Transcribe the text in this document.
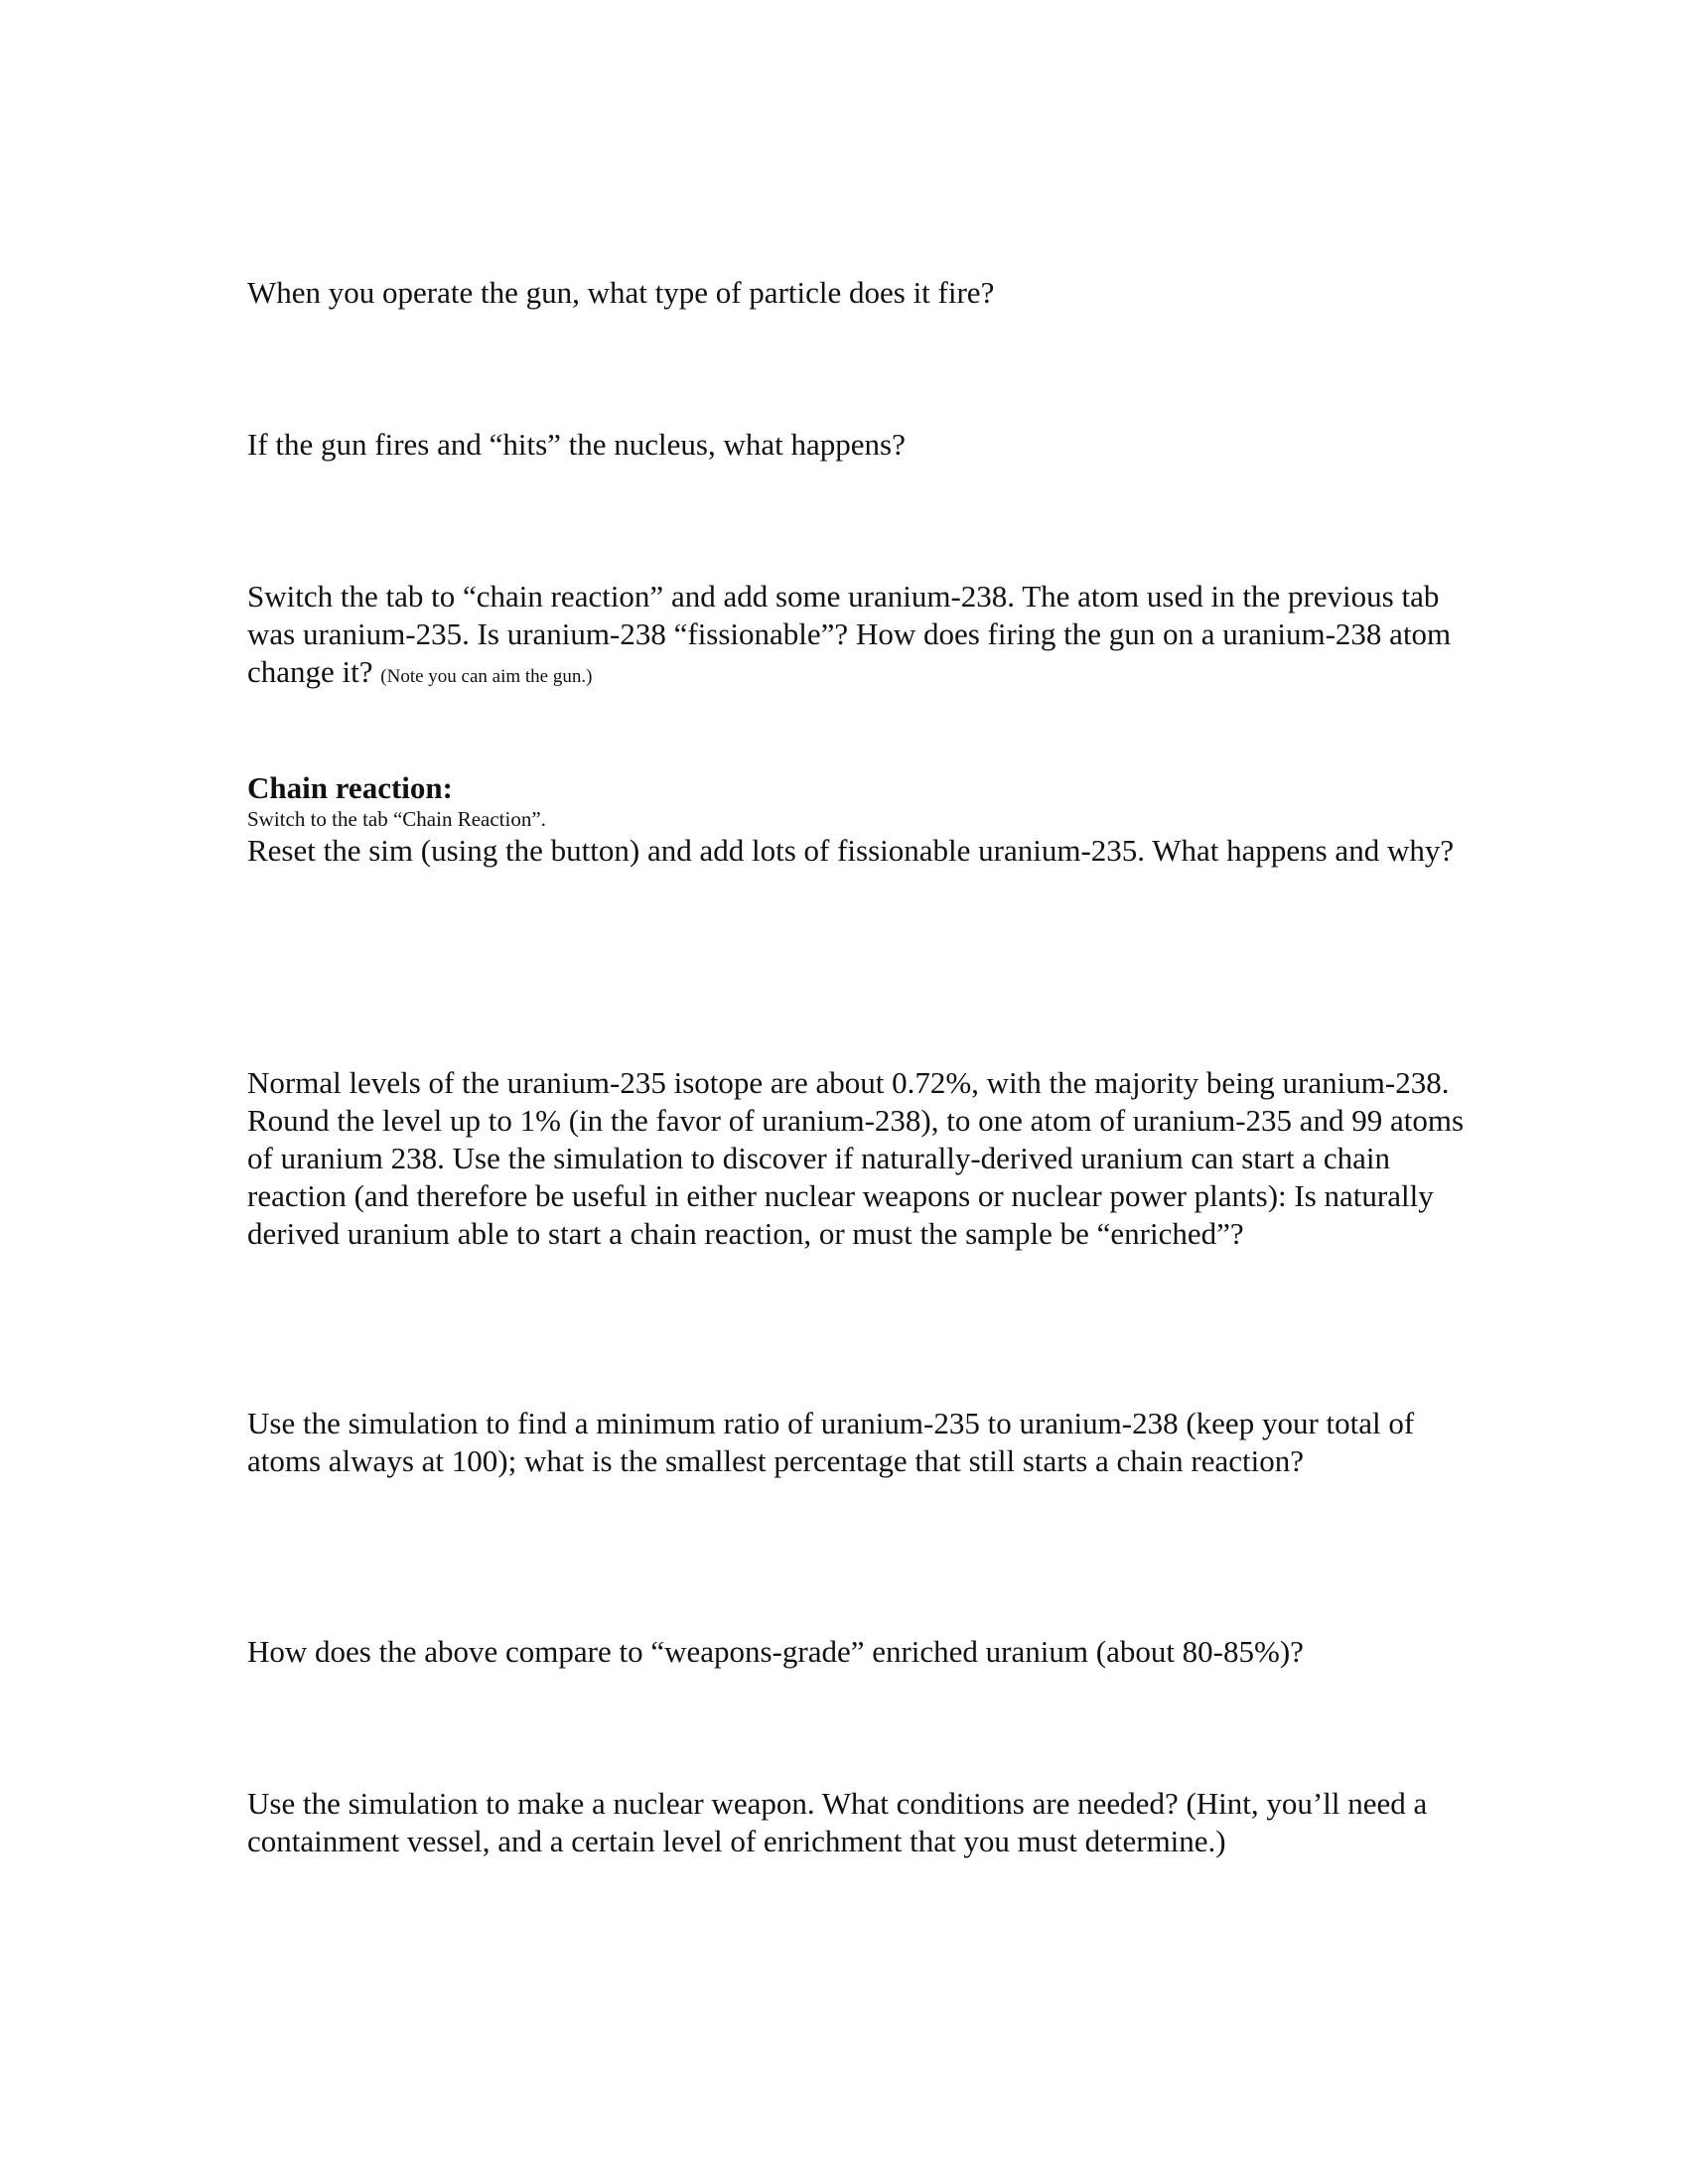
When you operate the gun, what type of particle does it fire?

If the gun fires and “hits” the nucleus, what happens?

Switch the tab to “chain reaction” and add some uranium-238. The atom used in the previous tab was uranium-235. Is uranium-238 “fissionable”? How does firing the gun on a uranium-238 atom change it? (Note you can aim the gun.)

Chain reaction:

Switch to the tab “Chain Reaction”.

Reset the sim (using the button) and add lots of fissionable uranium-235. What happens and why?

Normal levels of the uranium-235 isotope are about 0.72%, with the majority being uranium-238. Round the level up to 1% (in the favor of uranium-238), to one atom of uranium-235 and 99 atoms of uranium 238. Use the simulation to discover if naturally-derived uranium can start a chain reaction (and therefore be useful in either nuclear weapons or nuclear power plants): Is naturally derived uranium able to start a chain reaction, or must the sample be “enriched”?

Use the simulation to find a minimum ratio of uranium-235 to uranium-238 (keep your total of atoms always at 100); what is the smallest percentage that still starts a chain reaction?

How does the above compare to “weapons-grade” enriched uranium (about 80-85%)?

Use the simulation to make a nuclear weapon. What conditions are needed? (Hint, you’ll need a containment vessel, and a certain level of enrichment that you must determine.)
